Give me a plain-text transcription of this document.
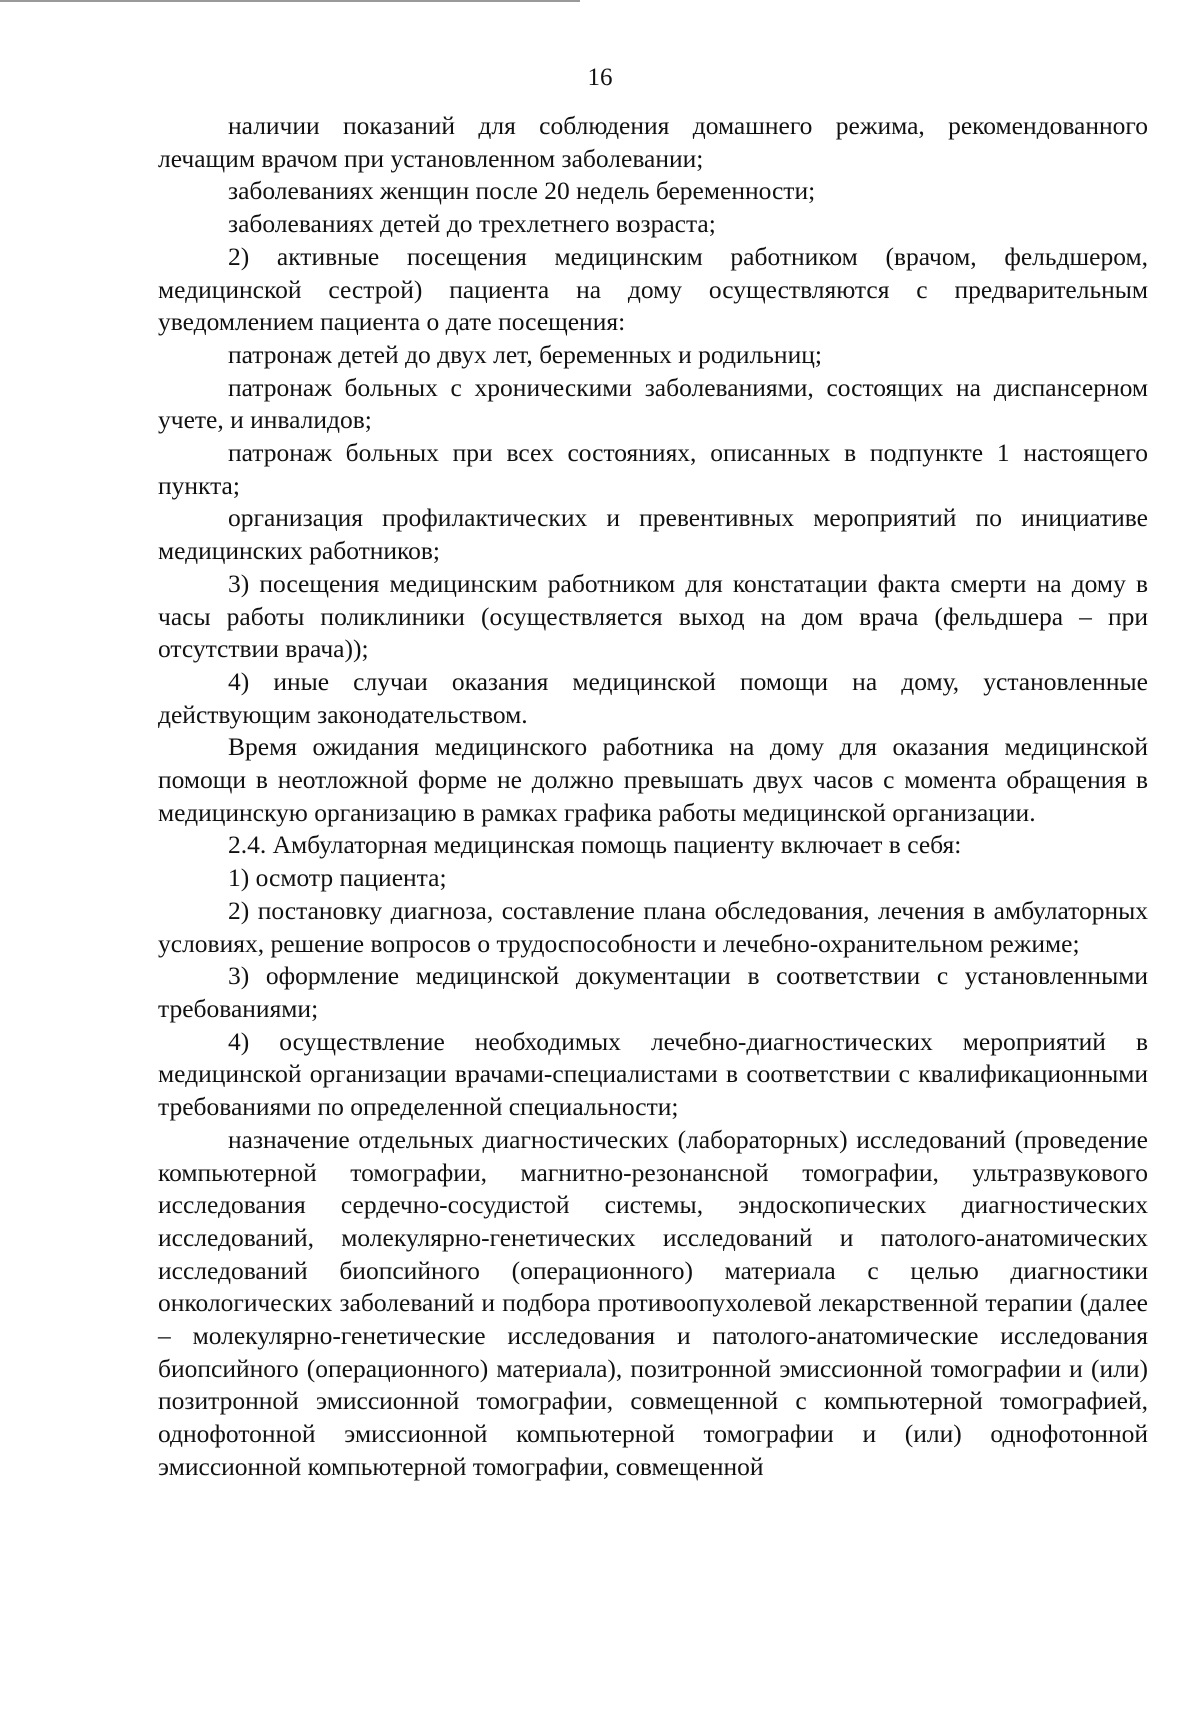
16

наличии показаний для соблюдения домашнего режима, рекомендованного лечащим врачом при установленном заболевании;

заболеваниях женщин после 20 недель беременности;

заболеваниях детей до трехлетнего возраста;

2) активные посещения медицинским работником (врачом, фельдшером, медицинской сестрой) пациента на дому осуществляются с предварительным уведомлением пациента о дате посещения:

патронаж детей до двух лет, беременных и родильниц;

патронаж больных с хроническими заболеваниями, состоящих на диспансерном учете, и инвалидов;

патронаж больных при всех состояниях, описанных в подпункте 1 настоящего пункта;

организация профилактических и превентивных мероприятий по инициативе медицинских работников;

3) посещения медицинским работником для констатации факта смерти на дому в часы работы поликлиники (осуществляется выход на дом врача (фельдшера – при отсутствии врача));

4) иные случаи оказания медицинской помощи на дому, установленные действующим законодательством.

Время ожидания медицинского работника на дому для оказания медицинской помощи в неотложной форме не должно превышать двух часов с момента обращения в медицинскую организацию в рамках графика работы медицинской организации.

2.4. Амбулаторная медицинская помощь пациенту включает в себя:

1) осмотр пациента;

2) постановку диагноза, составление плана обследования, лечения в амбулаторных условиях, решение вопросов о трудоспособности и лечебно-охранительном режиме;

3) оформление медицинской документации в соответствии с установленными требованиями;

4) осуществление необходимых лечебно-диагностических мероприятий в медицинской организации врачами-специалистами в соответствии с квалификационными требованиями по определенной специальности;

назначение отдельных диагностических (лабораторных) исследований (проведение компьютерной томографии, магнитно-резонансной томографии, ультразвукового исследования сердечно-сосудистой системы, эндоскопических диагностических исследований, молекулярно-генетических исследований и патолого-анатомических исследований биопсийного (операционного) материала с целью диагностики онкологических заболеваний и подбора противоопухолевой лекарственной терапии (далее – молекулярно-генетические исследования и патолого-анатомические исследования биопсийного (операционного) материала), позитронной эмиссионной томографии и (или) позитронной эмиссионной томографии, совмещенной с компьютерной томографией, однофотонной эмиссионной компьютерной томографии и (или) однофотонной эмиссионной компьютерной томографии, совмещенной
